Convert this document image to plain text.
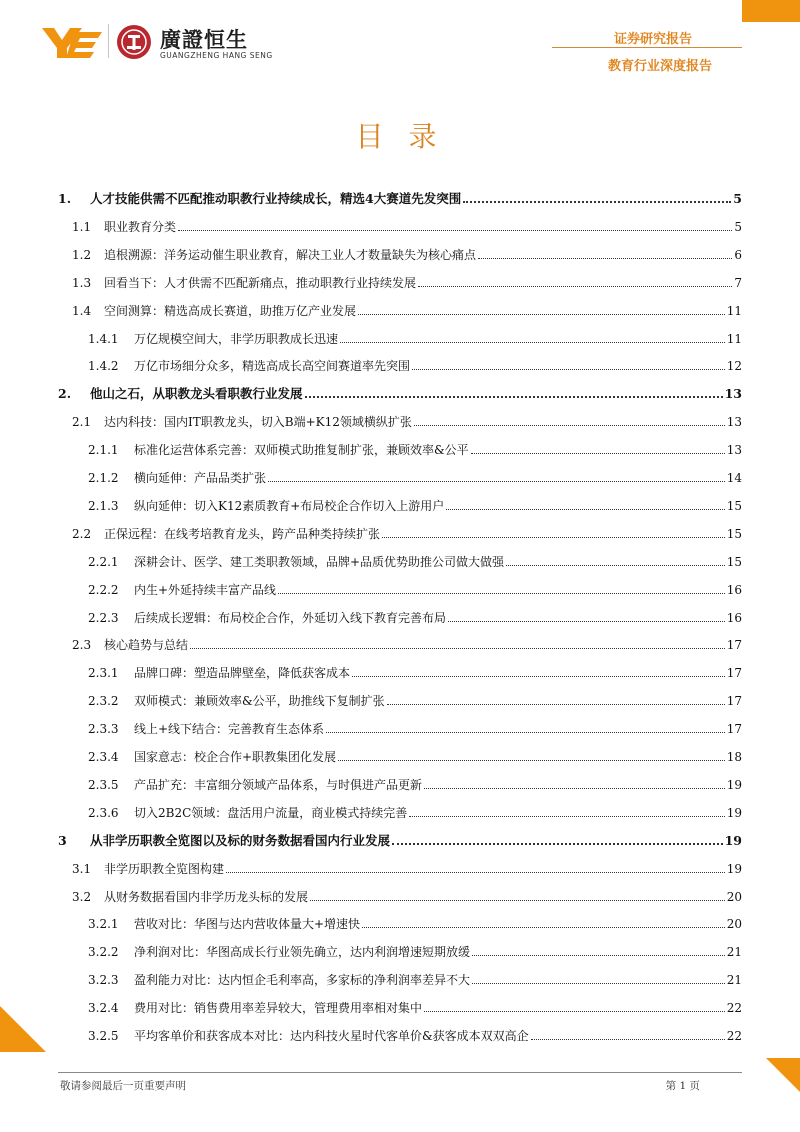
廣證恒生
GUANGZHENG HANG SENG
证券研究报告
教育行业深度报告
目 录
1.	人才技能供需不匹配推动职教行业持续成长，精选4大赛道先发突围	5
1.1	职业教育分类	5
1.2	追根溯源：洋务运动催生职业教育，解决工业人才数量缺失为核心痛点	6
1.3	回看当下：人才供需不匹配新痛点，推动职教行业持续发展	7
1.4	空间测算：精选高成长赛道，助推万亿产业发展	11
1.4.1	万亿规模空间大，非学历职教成长迅速	11
1.4.2	万亿市场细分众多，精选高成长高空间赛道率先突围	12
2.	他山之石，从职教龙头看职教行业发展	13
2.1	达内科技：国内IT职教龙头，切入B端+K12领域横纵扩张	13
2.1.1	标准化运营体系完善：双师模式助推复制扩张，兼顾效率&公平	13
2.1.2	横向延伸：产品品类扩张	14
2.1.3	纵向延伸：切入K12素质教育+布局校企合作切入上游用户	15
2.2	正保远程：在线考培教育龙头，跨产品种类持续扩张	15
2.2.1	深耕会计、医学、建工类职教领域，品牌+品质优势助推公司做大做强	15
2.2.2	内生+外延持续丰富产品线	16
2.2.3	后续成长逻辑：布局校企合作，外延切入线下教育完善布局	16
2.3	核心趋势与总结	17
2.3.1	品牌口碑：塑造品牌壁垒，降低获客成本	17
2.3.2	双师模式：兼顾效率&公平，助推线下复制扩张	17
2.3.3	线上+线下结合：完善教育生态体系	17
2.3.4	国家意志：校企合作+职教集团化发展	18
2.3.5	产品扩充：丰富细分领域产品体系，与时俱进产品更新	19
2.3.6	切入2B2C领域：盘活用户流量，商业模式持续完善	19
3	从非学历职教全览图以及标的财务数据看国内行业发展	19
3.1	非学历职教全览图构建	19
3.2	从财务数据看国内非学历龙头标的发展	20
3.2.1	营收对比：华图与达内营收体量大+增速快	20
3.2.2	净利润对比：华图高成长行业领先确立，达内利润增速短期放缓	21
3.2.3	盈利能力对比：达内恒企毛利率高，多家标的净利润率差异不大	21
3.2.4	费用对比：销售费用率差异较大，管理费用率相对集中	22
3.2.5	平均客单价和获客成本对比：达内科技火星时代客单价&获客成本双双高企	22
敬请参阅最后一页重要声明	第 1 页
